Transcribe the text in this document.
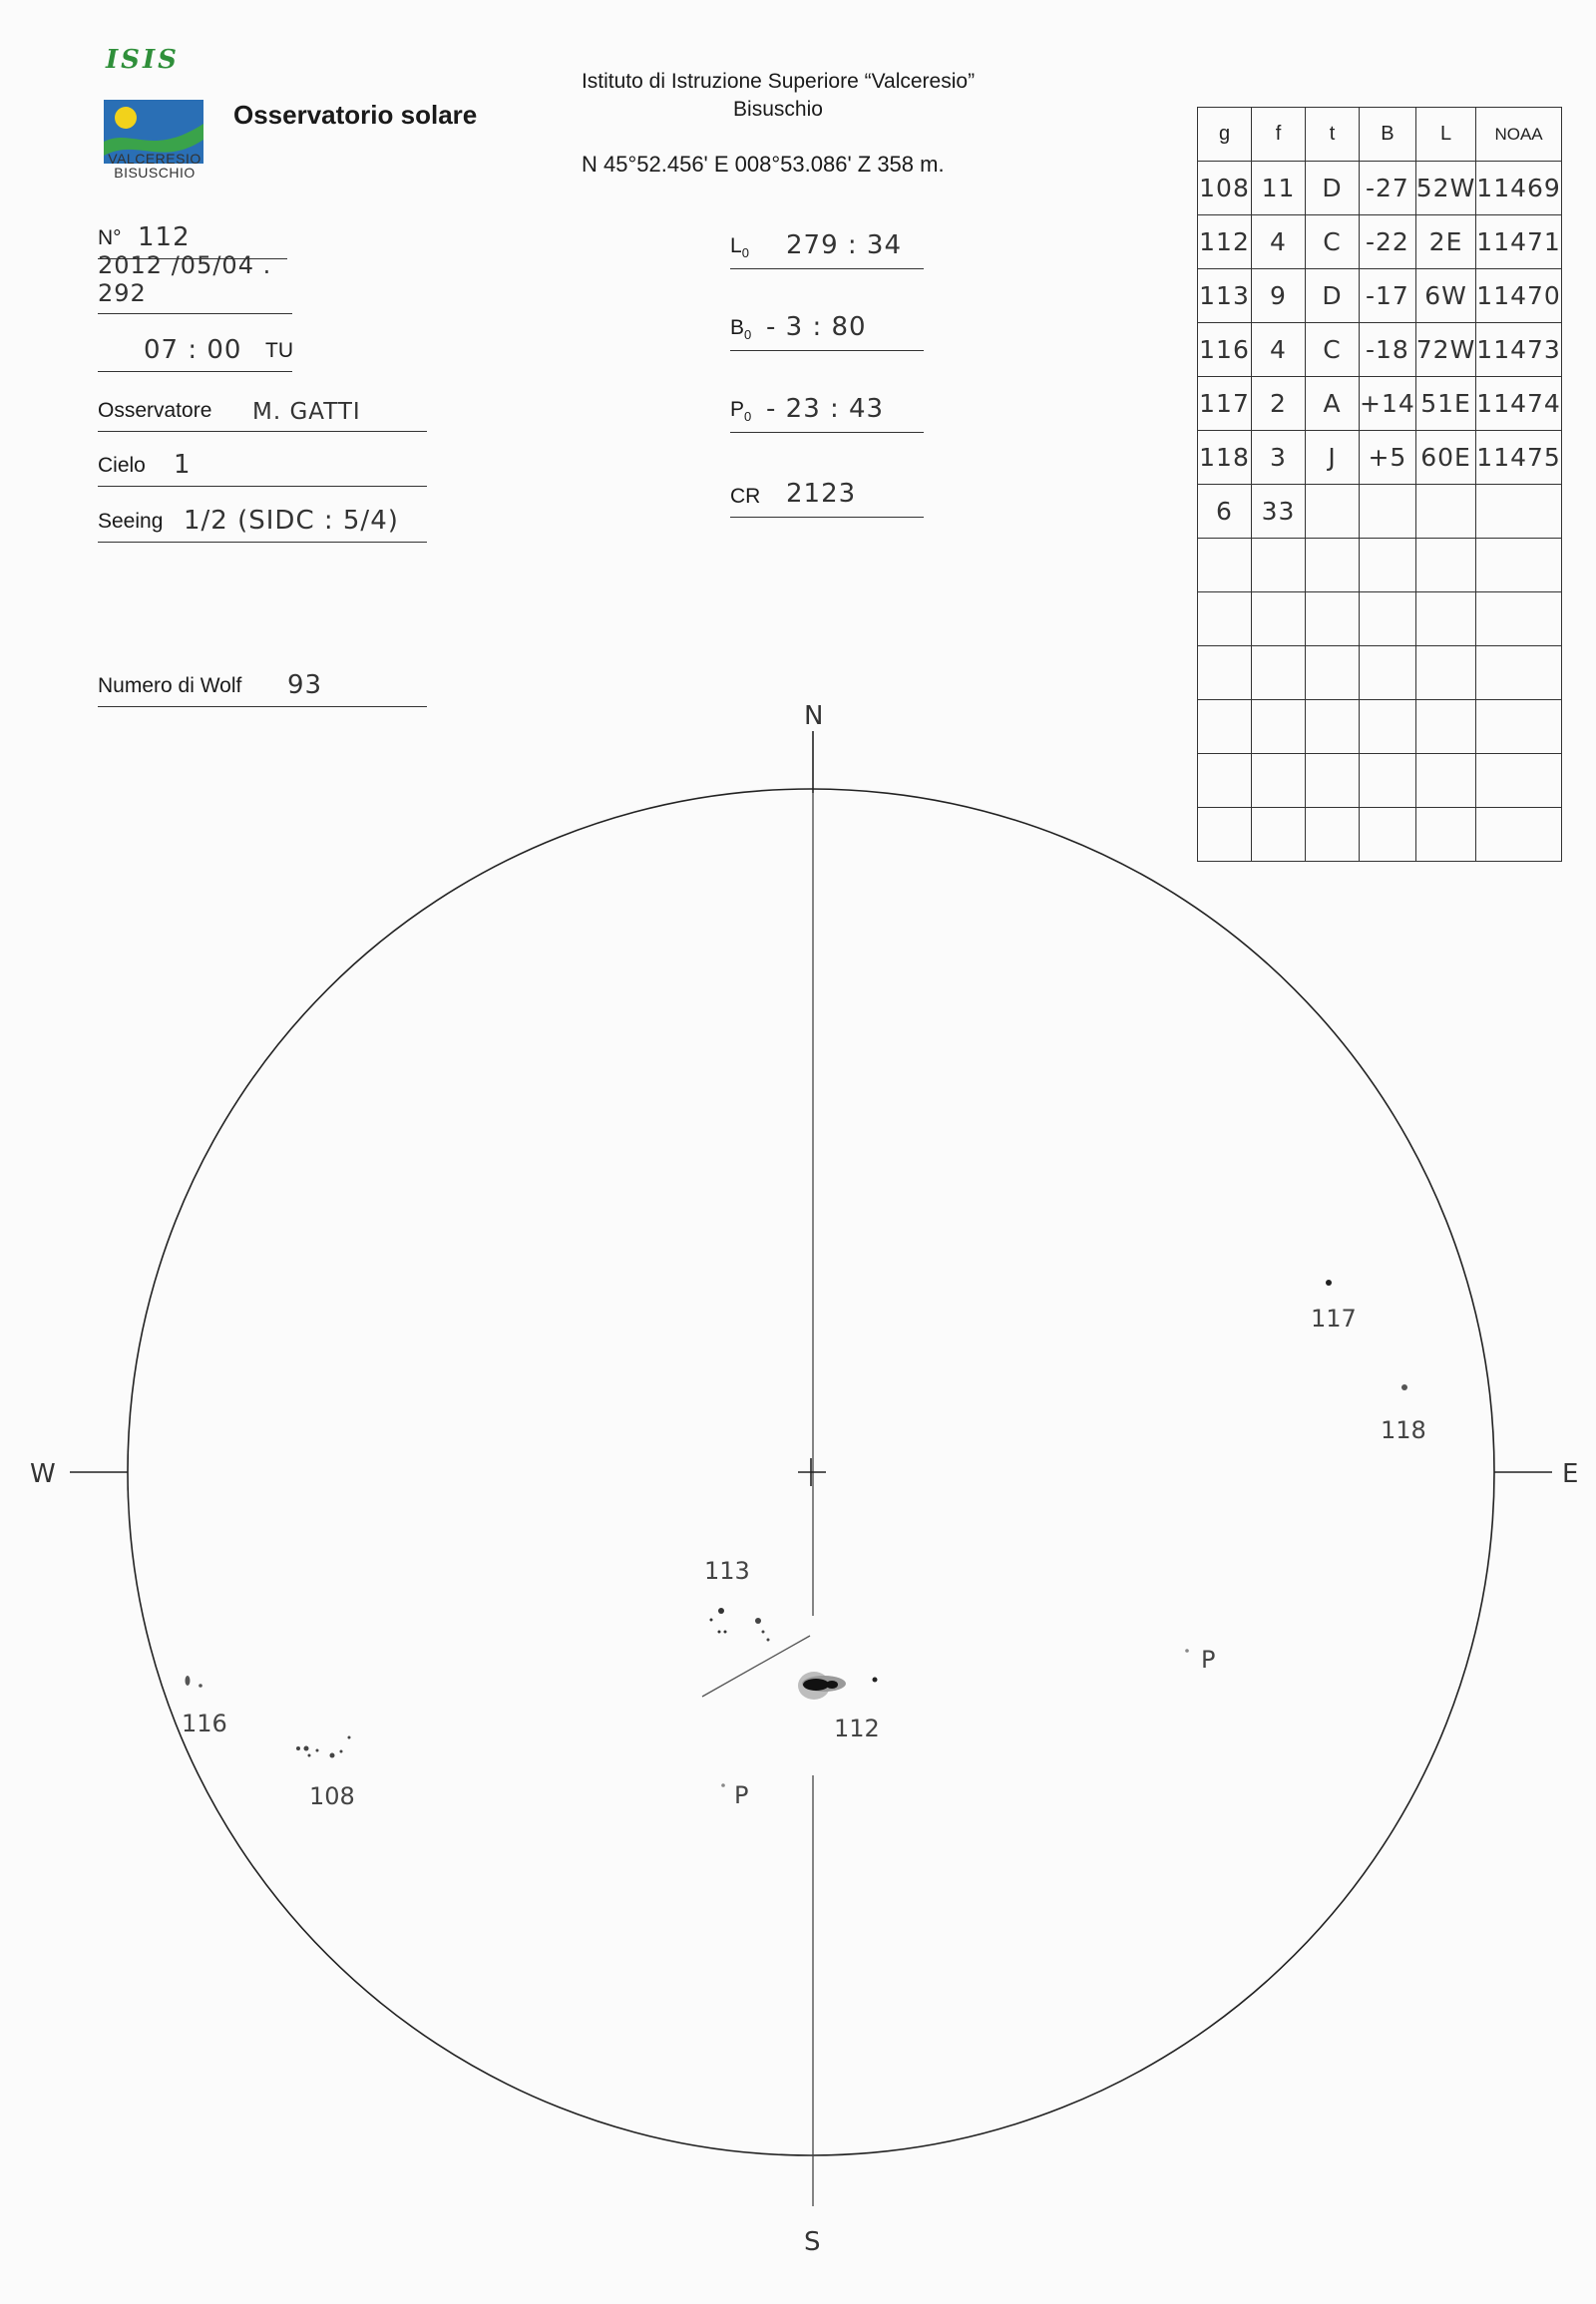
ISIS
VALCERESIO
BISUSCHIO
Osservatorio solare
Istituto di Istruzione Superiore “Valceresio”
Bisuschio
N 45°52.456' E 008°53.086' Z 358 m.
N° 112
2012 /05/04 . 292
07 : 00 TU
Osservatore M. GATTI
Cielo 1
Seeing 1/2 (SIDC : 5/4)
Numero di Wolf 93
$L_0$ 279 : 34
$B_0 - 3$ : 80
$P_0 - 23$ : 43
CR 2123
g	f	t	B	L	NOAA
108	11	D	-27	52W	11469
112	4	C	-22	2E	11471
113	9	D	-17	6W	11470
116	4	C	-18	72W	11473
117	2	A	+14	51E	11474
118	3	J	+5	60E	11475
6	33				

N
S
W	E
117
118
113
112
116
108
P
P
